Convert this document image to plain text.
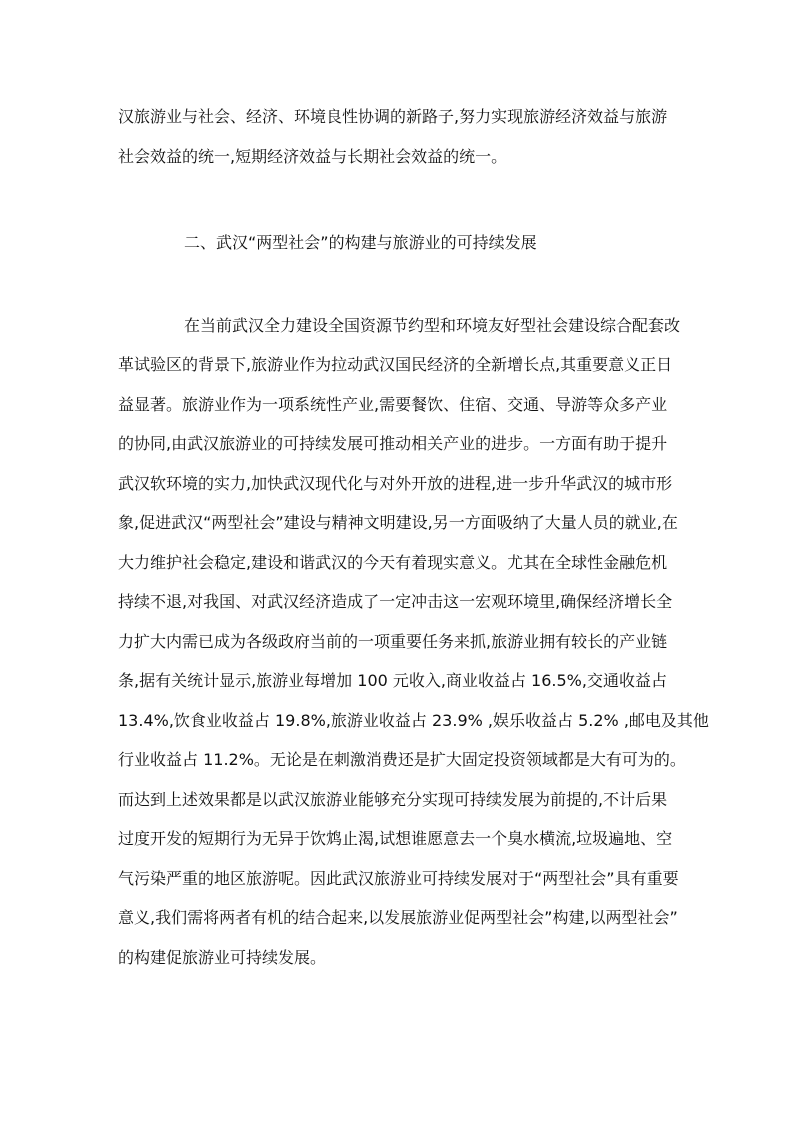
汉旅游业与社会、经济、环境良性协调的新路子,努力实现旅游经济效益与旅游
社会效益的统一,短期经济效益与长期社会效益的统一。
二、武汉“两型社会”的构建与旅游业的可持续发展
在当前武汉全力建设全国资源节约型和环境友好型社会建设综合配套改
革试验区的背景下,旅游业作为拉动武汉国民经济的全新增长点,其重要意义正日
益显著。旅游业作为一项系统性产业,需要餐饮、住宿、交通、导游等众多产业
的协同,由武汉旅游业的可持续发展可推动相关产业的进步。一方面有助于提升
武汉软环境的实力,加快武汉现代化与对外开放的进程,进一步升华武汉的城市形
象,促进武汉“两型社会”建设与精神文明建设,另一方面吸纳了大量人员的就业,在
大力维护社会稳定,建设和谐武汉的今天有着现实意义。尤其在全球性金融危机
持续不退,对我国、对武汉经济造成了一定冲击这一宏观环境里,确保经济增长全
力扩大内需已成为各级政府当前的一项重要任务来抓,旅游业拥有较长的产业链
条,据有关统计显示,旅游业每增加 100 元收入,商业收益占 16.5%,交通收益占
13.4%,饮食业收益占 19.8%,旅游业收益占 23.9% ,娱乐收益占 5.2% ,邮电及其他
行业收益占 11.2%。无论是在刺激消费还是扩大固定投资领域都是大有可为的。
而达到上述效果都是以武汉旅游业能够充分实现可持续发展为前提的,不计后果
过度开发的短期行为无异于饮鸩止渴,试想谁愿意去一个臭水横流,垃圾遍地、空
气污染严重的地区旅游呢。因此武汉旅游业可持续发展对于“两型社会”具有重要
意义,我们需将两者有机的结合起来,以发展旅游业促两型社会”构建,以两型社会”
的构建促旅游业可持续发展。
